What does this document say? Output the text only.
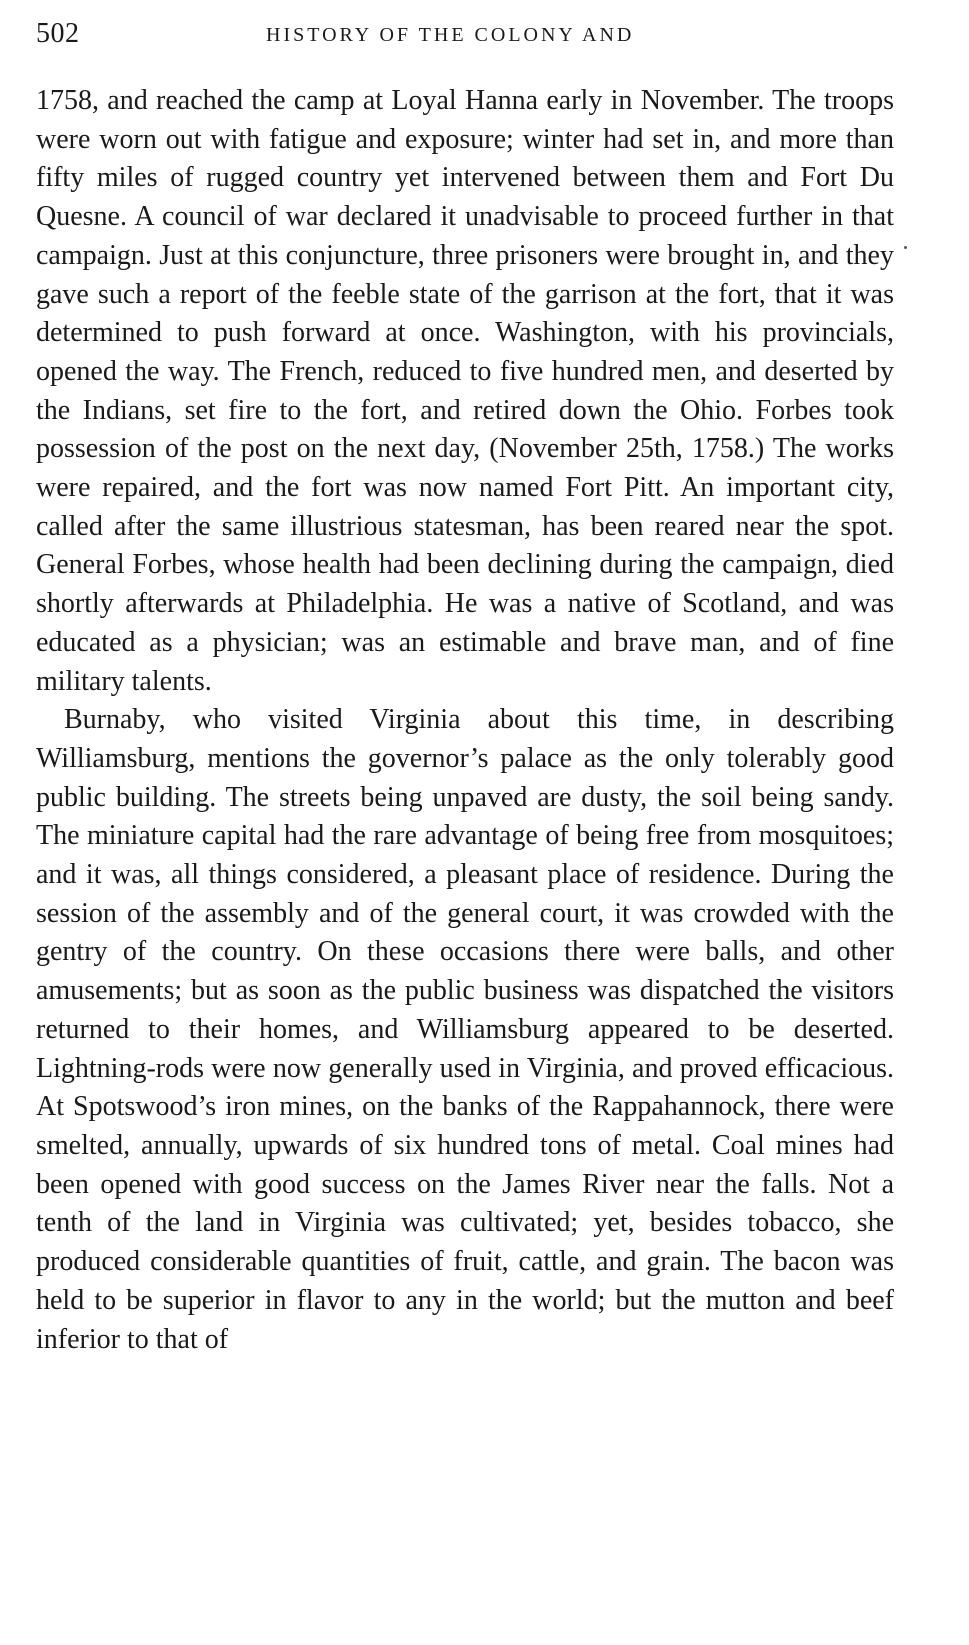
502	HISTORY OF THE COLONY AND

1758, and reached the camp at Loyal Hanna early in November. The troops were worn out with fatigue and exposure; winter had set in, and more than fifty miles of rugged country yet intervened between them and Fort Du Quesne. A council of war declared it unadvisable to proceed further in that campaign. Just at this conjuncture, three prisoners were brought in, and they gave such a report of the feeble state of the garrison at the fort, that it was determined to push forward at once. Washington, with his provincials, opened the way. The French, reduced to five hundred men, and deserted by the Indians, set fire to the fort, and retired down the Ohio. Forbes took possession of the post on the next day, (November 25th, 1758.) The works were repaired, and the fort was now named Fort Pitt. An important city, called after the same illustrious statesman, has been reared near the spot. General Forbes, whose health had been declining during the campaign, died shortly afterwards at Philadelphia. He was a native of Scotland, and was educated as a physician; was an estimable and brave man, and of fine military talents.

Burnaby, who visited Virginia about this time, in describing Williamsburg, mentions the governor’s palace as the only tolerably good public building. The streets being unpaved are dusty, the soil being sandy. The miniature capital had the rare advantage of being free from mosquitoes; and it was, all things considered, a pleasant place of residence. During the session of the assembly and of the general court, it was crowded with the gentry of the country. On these occasions there were balls, and other amusements; but as soon as the public business was dispatched the visitors returned to their homes, and Williamsburg appeared to be deserted. Lightning-rods were now generally used in Virginia, and proved efficacious. At Spotswood’s iron mines, on the banks of the Rappahannock, there were smelted, annually, upwards of six hundred tons of metal. Coal mines had been opened with good success on the James River near the falls. Not a tenth of the land in Virginia was cultivated; yet, besides tobacco, she produced considerable quantities of fruit, cattle, and grain. The bacon was held to be superior in flavor to any in the world; but the mutton and beef inferior to that of
